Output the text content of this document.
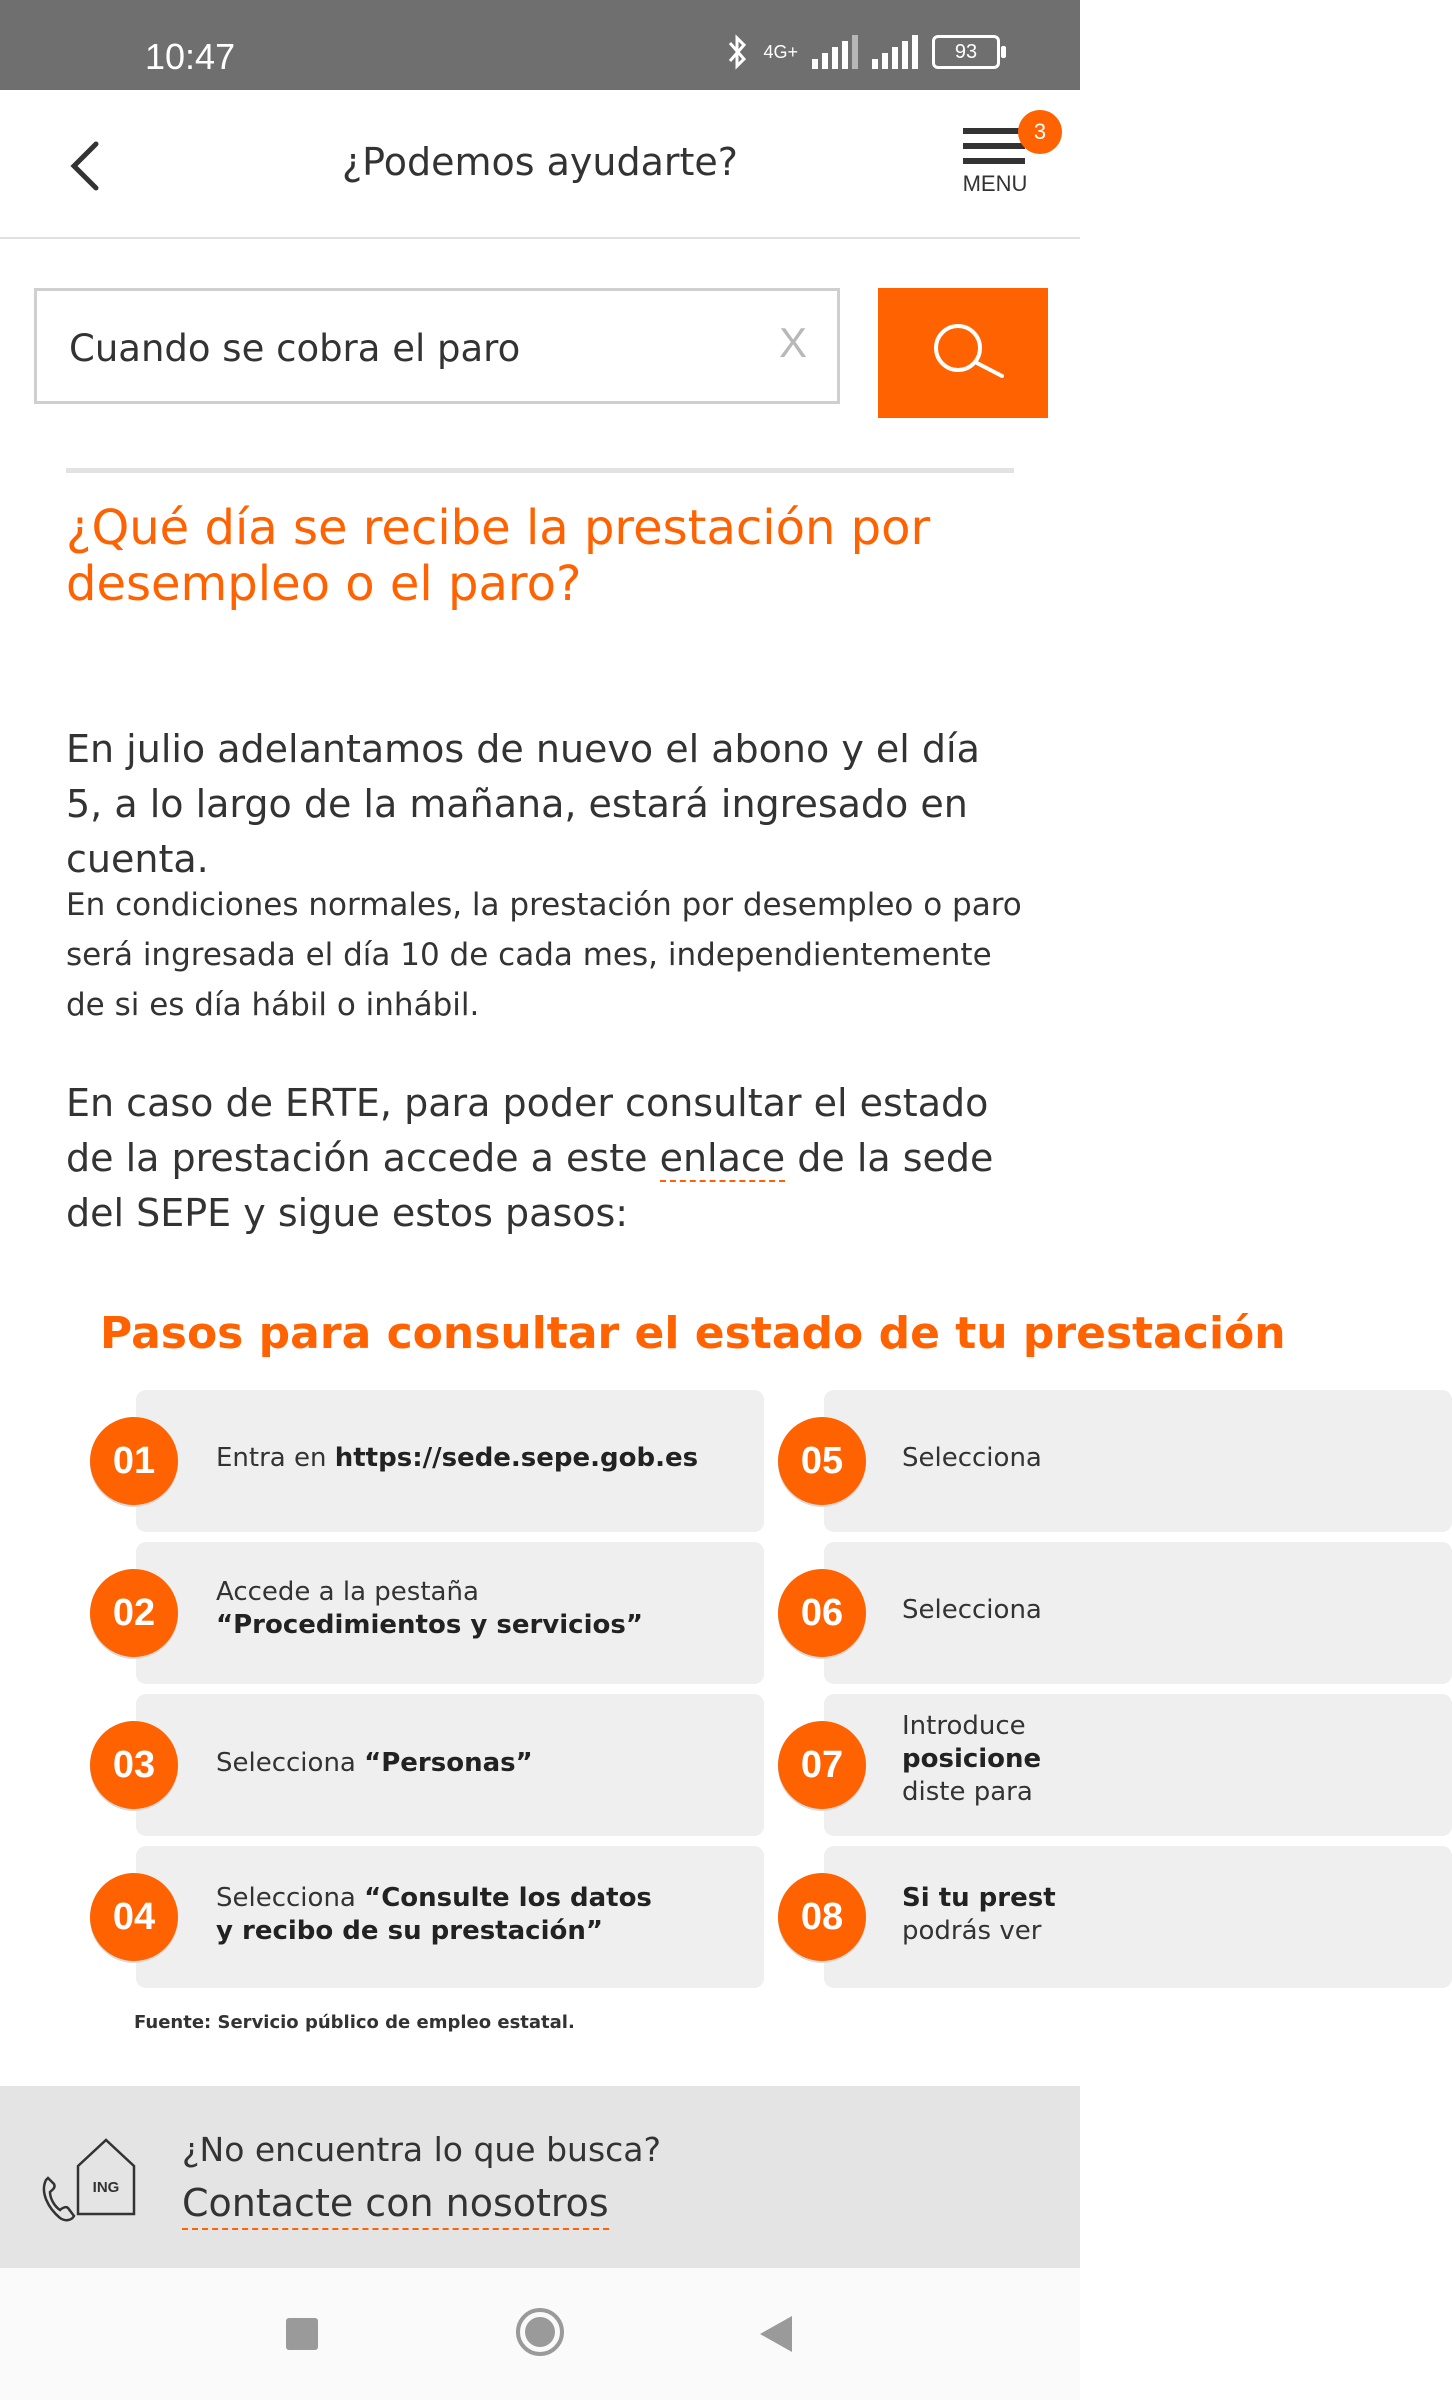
10:47	4G+	93
¿Podemos ayudarte?	MENU
3
Cuando se cobra el paro	X
¿Qué día se recibe la prestación por desempleo o el paro?
En julio adelantamos de nuevo el abono y el día 5, a lo largo de la mañana, estará ingresado en cuenta.
En condiciones normales, la prestación por desempleo o paro será ingresada el día 10 de cada mes, independientemente de si es día hábil o inhábil.
En caso de ERTE, para poder consultar el estado de la prestación accede a este enlace de la sede del SEPE y sigue estos pasos:
Pasos para consultar el estado de tu prestación
01	Entra en https://sede.sepe.gob.es
02	Accede a la pestaña
“Procedimientos y servicios”
03	Selecciona “Personas”
04	Selecciona “Consulte los datos
y recibo de su prestación”
05	Selecciona
06	Selecciona
07
Introduce
posicione
diste para
08	Si tu prest
podrás ver
Fuente: Servicio público de empleo estatal.
ING
¿No encuentra lo que busca?
Contacte con nosotros
